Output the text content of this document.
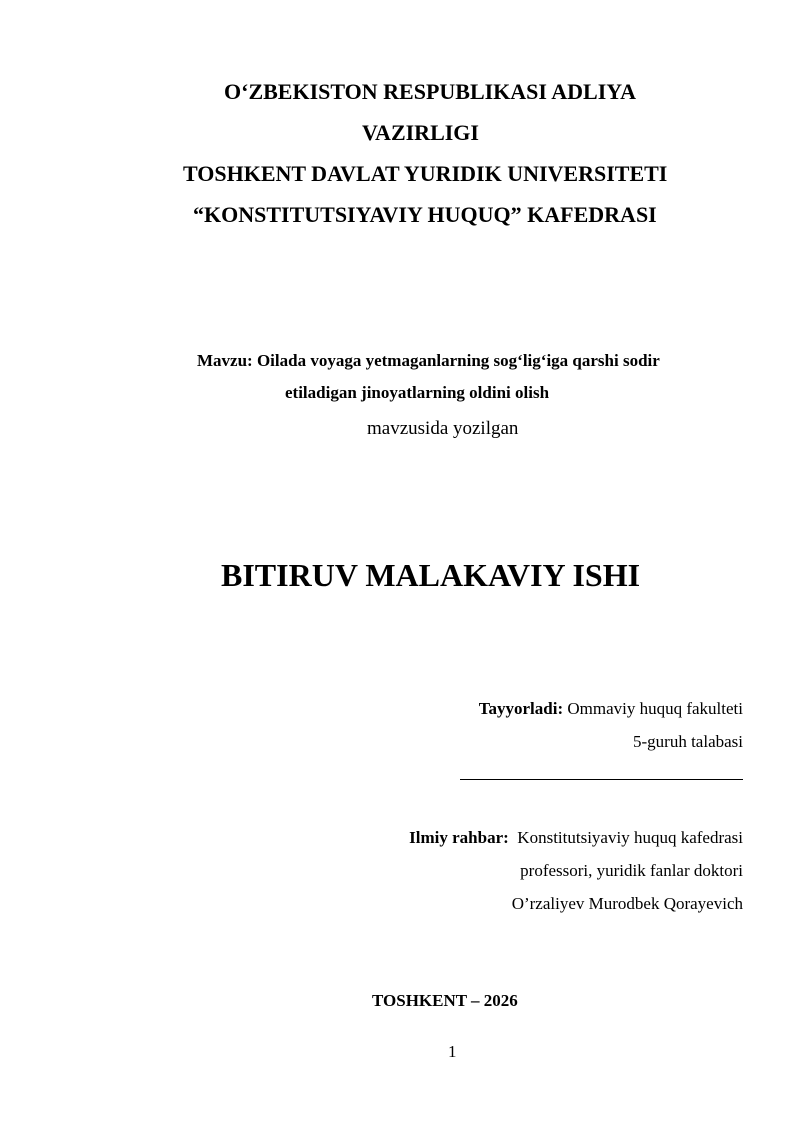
O‘ZBEKISTON RESPUBLIKASI ADLIYA
VAZIRLIGI
TOSHKENT DAVLAT YURIDIK UNIVERSITETI
“KONSTITUTSIYAVIY HUQUQ” KAFEDRASI
Mavzu: Oilada voyaga yetmaganlarning sog‘lig‘iga qarshi sodir
etiladigan jinoyatlarning oldini olish
mavzusida yozilgan
BITIRUV MALAKAVIY ISHI
Tayyorladi: Ommaviy huquq fakulteti
5-guruh talabasi
Ilmiy rahbar: Konstitutsiyaviy huquq kafedrasi
professori, yuridik fanlar doktori
O’rzaliyev Murodbek Qorayevich
TOSHKENT – 2026
1
